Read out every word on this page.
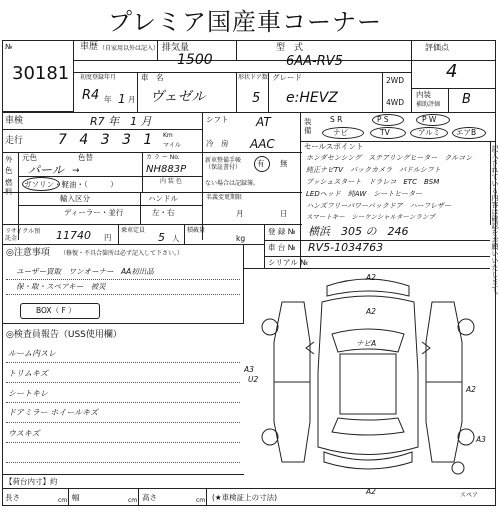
プレミア国産車コーナー
№
30181
車歴 （自家用以外は記入） 排気量
1500
型　式
6AA-RV5
評価点
4
初度登録年月
R4 年 1 月
車　名
ヴェゼル
形状ドア数
5
グレード
e:HEVZ
2WD
4WD
内装
補助評価 B
車検	R7 年　1 月
走行 7 4 3 3 1 Km
マイル
シフト AT
冷　房 AAC
装備
S R	P S	P W
ナビ	TV	アルミ エアB
外色
元色	色替
パール →
カ ラ ー No.
NH883P
燃料
ガソリン・軽油・（　　　）	内 装 色
新車整備手帳（保証書付）	有 無
ない場合は記録簿。
輸入区分	ハンドル
ディーラー・並行	左・右
名義変更期限
月	日
セールスポイント
ホンダセンシング　ステアリングヒーター　クルコン
純正ナビTV　バックカメラ　パドルシフト
プッシュスタート　ドラレコ　ETC　BSM
LEDヘッド　純AW　シートヒーター
ハンズフリーパワーバックドア　ハーフレザー
スマートキー　シーケンシャルターンランプ
リサイクル預託金	11740 円
乗車定員
5 人
積載量
kg
登 録 № 横浜　305 の　246
車 台 № RV5-1034763
シリアル №
◎注意事項 （修復・不具合箇所は必ず記入して下さい。）
ユーザー買取　ワンオーナー　AA初出品
保・取・スペアキー　被災
BOX（ F ）
◎検査員報告（USS使用欄）
ルーム内スレ
トリムキズ
シートキレ
ドアミラー ホイールキズ
ウスキズ
A2
A3
U2
A2
A3
A2
ナビA
A2	スペア
【荷台内寸】約
長さ	cm 幅	cm 高さ	cm (★車検証上の寸法)
記入されている内容は確認をお願いいたします。
